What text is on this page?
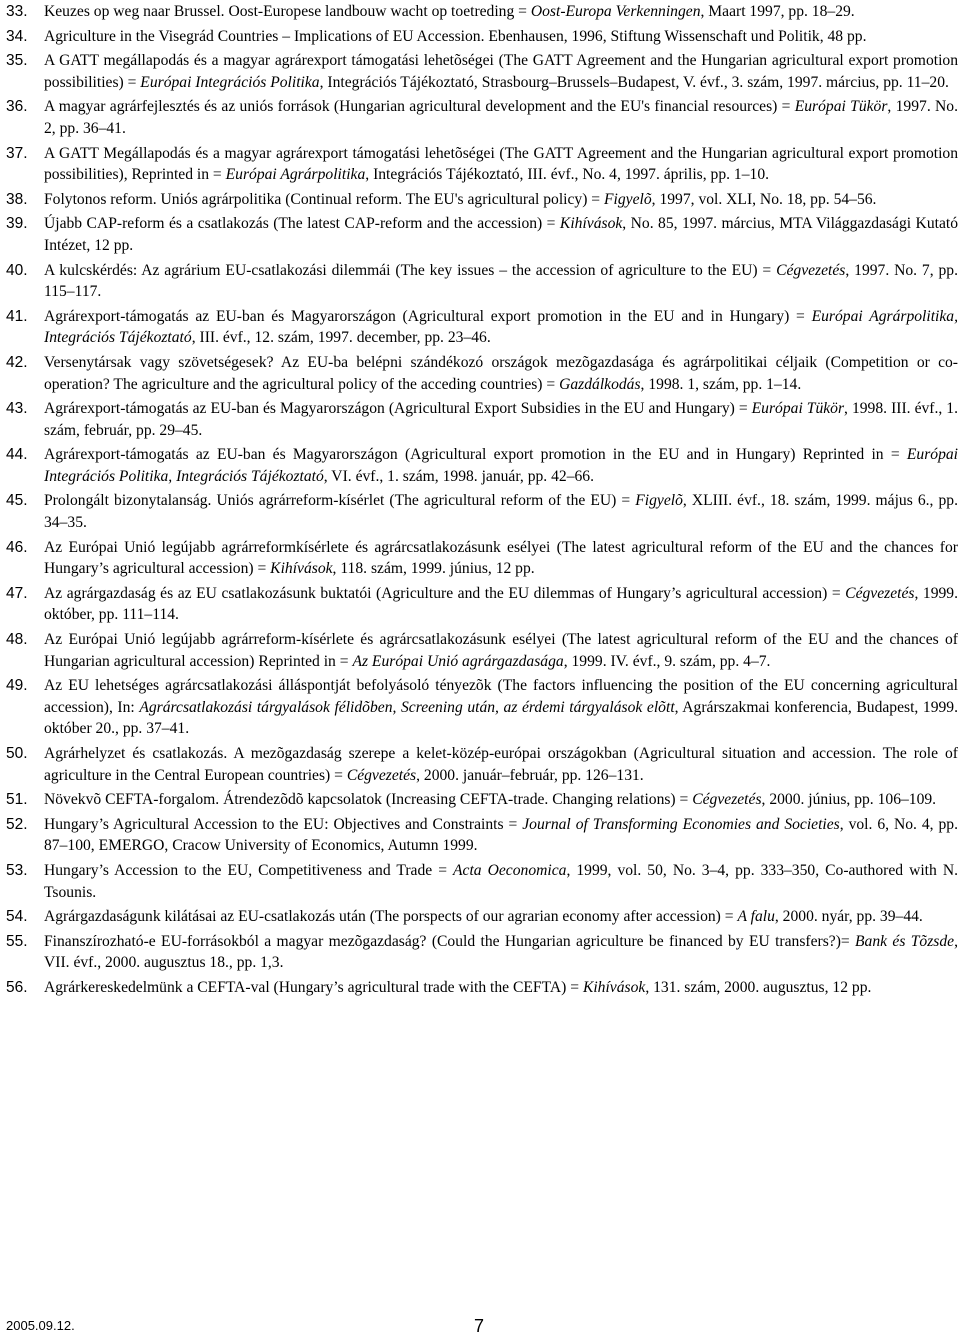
33. Keuzes op weg naar Brussel. Oost-Europese landbouw wacht op toetreding = Oost-Europa Verkenningen, Maart 1997, pp. 18–29.
34. Agriculture in the Visegrád Countries – Implications of EU Accession. Ebenhausen, 1996, Stiftung Wissenschaft und Politik, 48 pp.
35. A GATT megállapodás és a magyar agrárexport támogatási lehetõségei (The GATT Agreement and the Hungarian agricultural export promotion possibilities) = Európai Integrációs Politika, Integrációs Tájékoztató, Strasbourg–Brussels–Budapest, V. évf., 3. szám, 1997. március, pp. 11–20.
36. A magyar agrárfejlesztés és az uniós források (Hungarian agricultural development and the EU's financial resources) = Európai Tükör, 1997. No. 2, pp. 36–41.
37. A GATT Megállapodás és a magyar agrárexport támogatási lehetõségei (The GATT Agreement and the Hungarian agricultural export promotion possibilities), Reprinted in = Európai Agrárpolitika, Integrációs Tájékoztató, III. évf., No. 4, 1997. április, pp. 1–10.
38. Folytonos reform. Uniós agrárpolitika (Continual reform. The EU's agricultural policy) = Figyelõ, 1997, vol. XLI, No. 18, pp. 54–56.
39. Újabb CAP-reform és a csatlakozás (The latest CAP-reform and the accession) = Kihívások, No. 85, 1997. március, MTA Világgazdasági Kutató Intézet, 12 pp.
40. A kulcskérdés: Az agrárium EU-csatlakozási dilemmái (The key issues – the accession of agriculture to the EU) = Cégvezetés, 1997. No. 7, pp. 115–117.
41. Agrárexport-támogatás az EU-ban és Magyarországon (Agricultural export promotion in the EU and in Hungary) = Európai Agrárpolitika, Integrációs Tájékoztató, III. évf., 12. szám, 1997. december, pp. 23–46.
42. Versenytársak vagy szövetségesek? Az EU-ba belépni szándékozó országok mezõgazdasága és agrárpolitikai céljaik (Competition or co-operation? The agriculture and the agricultural policy of the acceding countries) = Gazdálkodás, 1998. 1, szám, pp. 1–14.
43. Agrárexport-támogatás az EU-ban és Magyarországon (Agricultural Export Subsidies in the EU and Hungary) = Európai Tükör, 1998. III. évf., 1. szám, február, pp. 29–45.
44. Agrárexport-támogatás az EU-ban és Magyarországon (Agricultural export promotion in the EU and in Hungary) Reprinted in = Európai Integrációs Politika, Integrációs Tájékoztató, VI. évf., 1. szám, 1998. január, pp. 42–66.
45. Prolongált bizonytalanság. Uniós agrárreform-kísérlet (The agricultural reform of the EU) = Figyelõ, XLIII. évf., 18. szám, 1999. május 6., pp. 34–35.
46. Az Európai Unió legújabb agrárreformkísérlete és agrárcsatlakozásunk esélyei (The latest agricultural reform of the EU and the chances for Hungary’s agricultural accession) = Kihívások, 118. szám, 1999. június, 12 pp.
47. Az agrárgazdaság és az EU csatlakozásunk buktatói (Agriculture and the EU dilemmas of Hungary’s agricultural accession) = Cégvezetés, 1999. október, pp. 111–114.
48. Az Európai Unió legújabb agrárreform-kísérlete és agrárcsatlakozásunk esélyei (The latest agricultural reform of the EU and the chances of Hungarian agricultural accession) Reprinted in = Az Európai Unió agrárgazdasága, 1999. IV. évf., 9. szám, pp. 4–7.
49. Az EU lehetséges agrárcsatlakozási álláspontját befolyásoló tényezõk (The factors influencing the position of the EU concerning agricultural accession), In: Agrárcsatlakozási tárgyalások félidõben, Screening után, az érdemi tárgyalások elõtt, Agrárszakmai konferencia, Budapest, 1999. október 20., pp. 37–41.
50. Agrárhelyzet és csatlakozás. A mezõgazdaság szerepe a kelet-közép-európai országokban (Agricultural situation and accession. The role of agriculture in the Central European countries) = Cégvezetés, 2000. január–február, pp. 126–131.
51. Növekvõ CEFTA-forgalom. Átrendezõdõ kapcsolatok (Increasing CEFTA-trade. Changing relations) = Cégvezetés, 2000. június, pp. 106–109.
52. Hungary’s Agricultural Accession to the EU: Objectives and Constraints = Journal of Transforming Economies and Societies, vol. 6, No. 4, pp. 87–100, EMERGO, Cracow University of Economics, Autumn 1999.
53. Hungary’s Accession to the EU, Competitiveness and Trade = Acta Oeconomica, 1999, vol. 50, No. 3–4, pp. 333–350, Co-authored with N. Tsounis.
54. Agrárgazdaságunk kilátásai az EU-csatlakozás után (The porspects of our agrarian economy after accession) = A falu, 2000. nyár, pp. 39–44.
55. Finanszírozható-e EU-forrásokból a magyar mezõgazdaság? (Could the Hungarian agriculture be financed by EU transfers?)= Bank és Tõzsde, VII. évf., 2000. augusztus 18., pp. 1,3.
56. Agrárkereskedelmünk a CEFTA-val (Hungary’s agricultural trade with the CEFTA) = Kihívások, 131. szám, 2000. augusztus, 12 pp.
2005.09.12.	7
